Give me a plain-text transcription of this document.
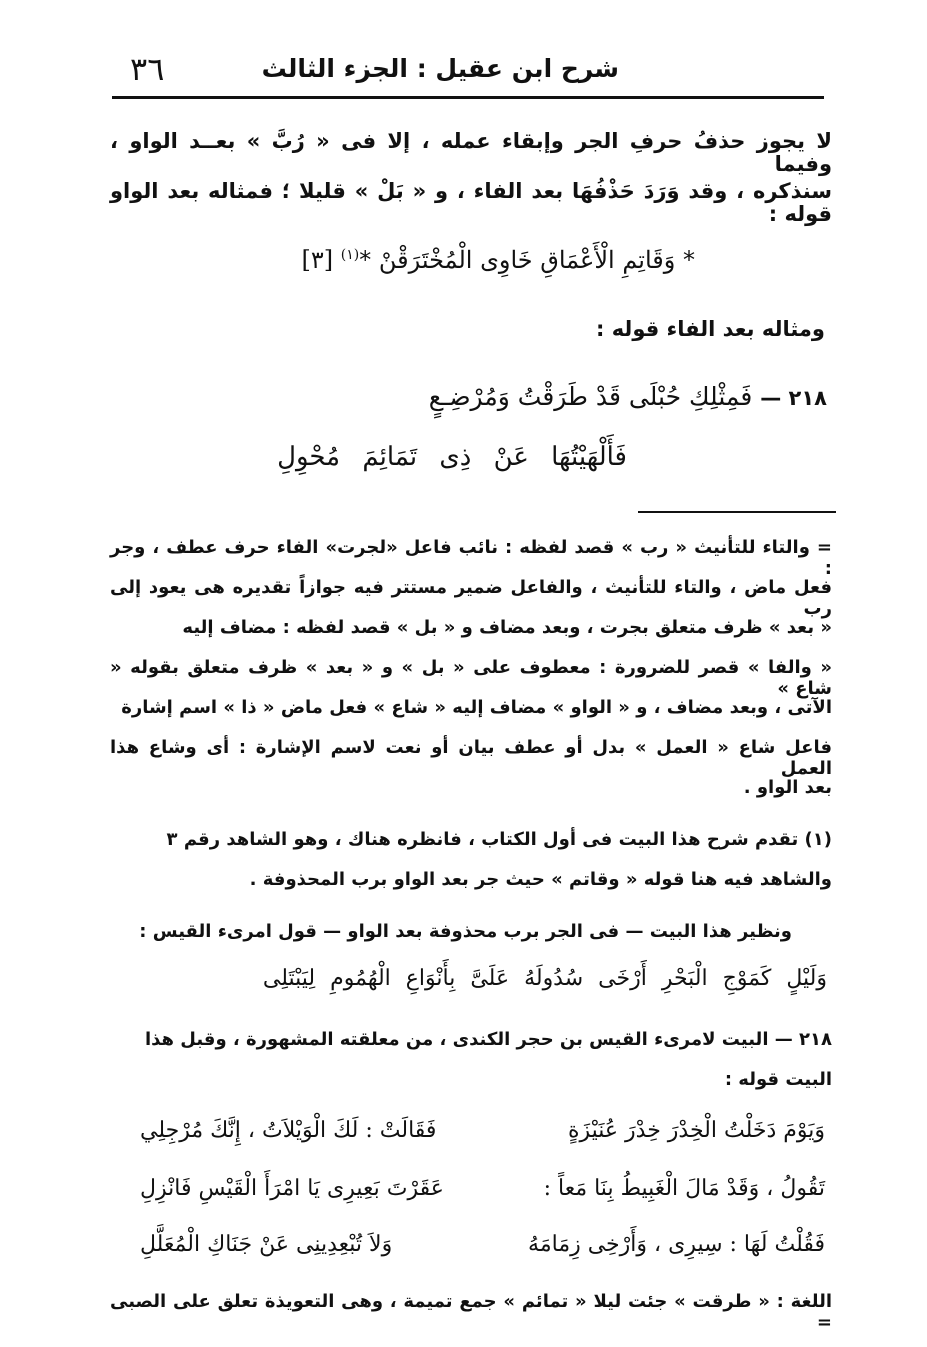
٣٦	شرح ابن عقيل : الجزء الثالث
لا يجوز حذفُ حرفِ الجر وإبقاء عمله ، إلا فى « رُبَّ » بعــد الواو ، وفيما
سنذكره ، وقد وَرَدَ حَذْفُهَا بعد الفاء ، و « بَلْ » قليلا ؛ فمثاله بعد الواو قوله :
* وَقَاتِمِ الْأَعْمَاقِ خَاوِى الْمُخْتَرَقْنْ *$^{(١)}$ [٣]
ومثاله بعد الفاء قوله :
٢١٨ — فَمِثْلِكِ حُبْلَى قَدْ طَرَقْتُ وَمُرْضِـعٍ
فَأَلْهَيْتُهَا عَنْ ذِى تَمَائِمَ مُحْوِلِ
= والتاء للتأنيث « رب » قصد لفظه : نائب فاعل «لجرت» الفاء حرف عطف ، وجر :
فعل ماض ، والتاء للتأنيث ، والفاعل ضمير مستتر فيه جوازاً تقديره هى يعود إلى رب
« بعد » ظرف متعلق بجرت ، وبعد مضاف و « بل » قصد لفظه : مضاف إليه
« والفا » قصر للضرورة : معطوف على « بل » و « بعد » ظرف متعلق بقوله « شاع »
الآتى ، وبعد مضاف ، و « الواو » مضاف إليه « شاع » فعل ماض « ذا » اسم إشارة
فاعل شاع « العمل » بدل أو عطف بيان أو نعت لاسم الإشارة : أى وشاع هذا العمل
بعد الواو .
(١) تقدم شرح هذا البيت فى أول الكتاب ، فانظره هناك ، وهو الشاهد رقم ٣
والشاهد فيه هنا قوله « وقاتم » حيث جر بعد الواو برب المحذوفة .
ونظير هذا البيت — فى الجر برب محذوفة بعد الواو — قول امرىء القيس :
وَلَيْلٍ كَمَوْجِ الْبَحْرِ أَرْخَى سُدُولَهُ عَلَىَّ بِأَنْوَاعِ الْهُمُومِ لِيَبْتَلِى
٢١٨ — البيت لامرىء القيس بن حجر الكندى ، من معلقته المشهورة ، وقبل هذا
البيت قوله :
وَيَوْمَ دَخَلْتُ الْخِدْرَ خِدْرَ عُنَيْزَةٍ
فَقَالَتْ : لَكَ الْوَيْلاَتُ ، إِنَّكَ مُرْجِلِي
تَقُولُ ، وَقَدْ مَالَ الْغَبِيطُ بِنَا مَعاً :
عَقَرْتَ بَعِيرِى يَا امْرَأَ الْقَيْسِ فَانْزِلِ
فَقُلْتُ لَهَا : سِيرِى ، وَأَرْخِى زِمَامَهُ
وَلاَ تُبْعِدِينِى عَنْ جَنَاكِ الْمُعَلَّلِ
اللغة : « طرقت » جئت ليلا « تمائم » جمع تميمة ، وهى التعويذة تعلق على الصبى =
